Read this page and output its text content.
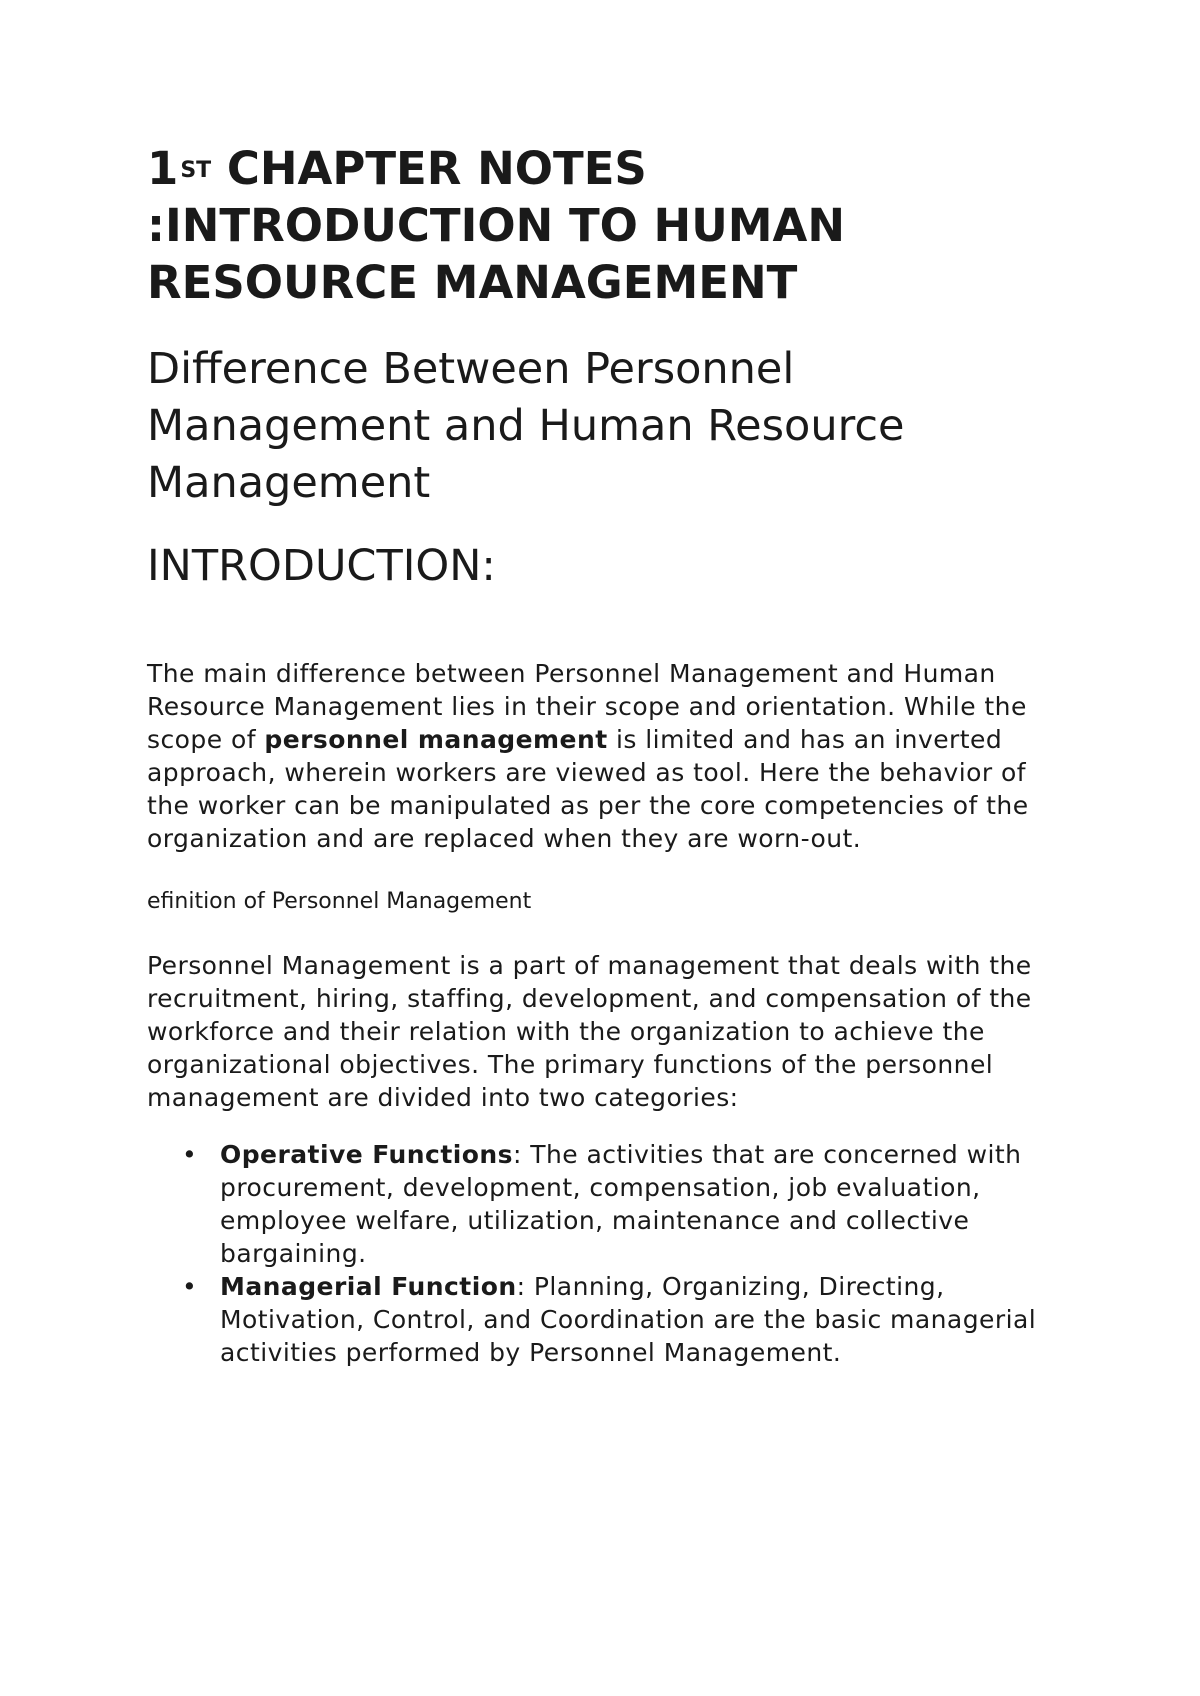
1ST CHAPTER NOTES :INTRODUCTION TO HUMAN RESOURCE MANAGEMENT
Difference Between Personnel Management and Human Resource Management
INTRODUCTION:

The main difference between Personnel Management and Human Resource Management lies in their scope and orientation. While the scope of personnel management is limited and has an inverted approach, wherein workers are viewed as tool. Here the behavior of the worker can be manipulated as per the core competencies of the organization and are replaced when they are worn-out.

efinition of Personnel Management

Personnel Management is a part of management that deals with the recruitment, hiring, staffing, development, and compensation of the workforce and their relation with the organization to achieve the organizational objectives. The primary functions of the personnel management are divided into two categories:

• Operative Functions: The activities that are concerned with procurement, development, compensation, job evaluation, employee welfare, utilization, maintenance and collective bargaining.
• Managerial Function: Planning, Organizing, Directing, Motivation, Control, and Coordination are the basic managerial activities performed by Personnel Management.
